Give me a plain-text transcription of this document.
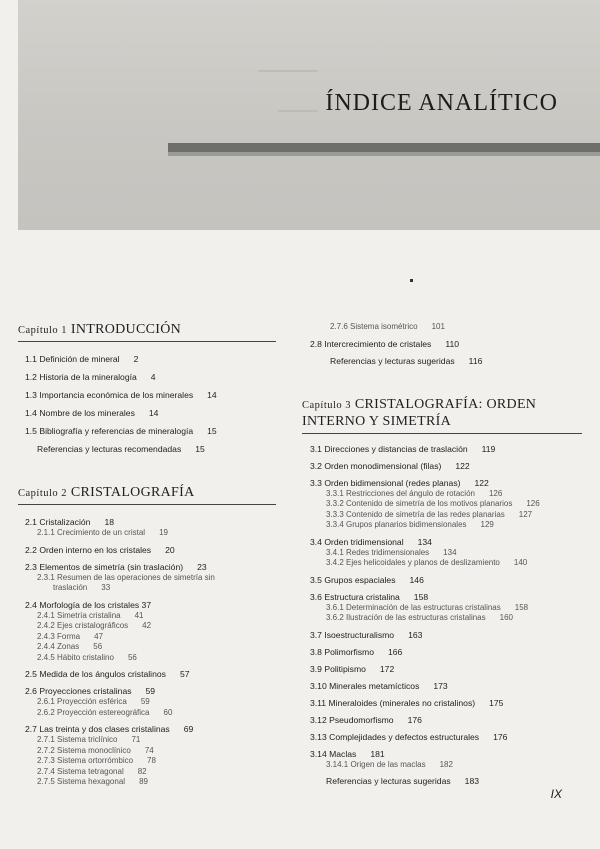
ÍNDICE ANALÍTICO
Capítulo 1 INTRODUCCIÓN
1.1 Definición de mineral 2
1.2 Historia de la mineralogía 4
1.3 Importancia económica de los minerales 14
1.4 Nombre de los minerales 14
1.5 Bibliografía y referencias de mineralogía 15
Referencias y lecturas recomendadas 15
Capítulo 2 CRISTALOGRAFÍA
2.1 Cristalización 18
2.1.1 Crecimiento de un cristal 19
2.2 Orden interno en los cristales 20
2.3 Elementos de simetría (sin traslación) 23
2.3.1 Resumen de las operaciones de simetría sin
traslación 33
2.4 Morfología de los cristales 37
2.4.1 Simetría cristalina 41
2.4.2 Ejes cristalográficos 42
2.4.3 Forma 47
2.4.4 Zonas 56
2.4.5 Hábito cristalino 56
2.5 Medida de los ángulos cristalinos 57
2.6 Proyecciones cristalinas 59
2.6.1 Proyección esférica 59
2.6.2 Proyección estereográfica 60
2.7 Las treinta y dos clases cristalinas 69
2.7.1 Sistema triclínico 71
2.7.2 Sistema monoclínico 74
2.7.3 Sistema ortorrómbico 78
2.7.4 Sistema tetragonal 82
2.7.5 Sistema hexagonal 89
2.7.6 Sistema isométrico 101
2.8 Intercrecimiento de cristales 110
Referencias y lecturas sugeridas 116
Capítulo 3 CRISTALOGRAFÍA: ORDEN INTERNO Y SIMETRÍA
3.1 Direcciones y distancias de traslación 119
3.2 Orden monodimensional (filas) 122
3.3 Orden bidimensional (redes planas) 122
3.3.1 Restricciones del ángulo de rotación 126
3.3.2 Contenido de simetría de los motivos planarios 126
3.3.3 Contenido de simetría de las redes planarias 127
3.3.4 Grupos planarios bidimensionales 129
3.4 Orden tridimensional 134
3.4.1 Redes tridimensionales 134
3.4.2 Ejes helicoidales y planos de deslizamiento 140
3.5 Grupos espaciales 146
3.6 Estructura cristalina 158
3.6.1 Determinación de las estructuras cristalinas 158
3.6.2 Ilustración de las estructuras cristalinas 160
3.7 Isoestructuralismo 163
3.8 Polimorfismo 166
3.9 Politipismo 172
3.10 Minerales metamícticos 173
3.11 Mineraloides (minerales no cristalinos) 175
3.12 Pseudomorfismo 176
3.13 Complejidades y defectos estructurales 176
3.14 Maclas 181
3.14.1 Origen de las maclas 182
Referencias y lecturas sugeridas 183
IX
